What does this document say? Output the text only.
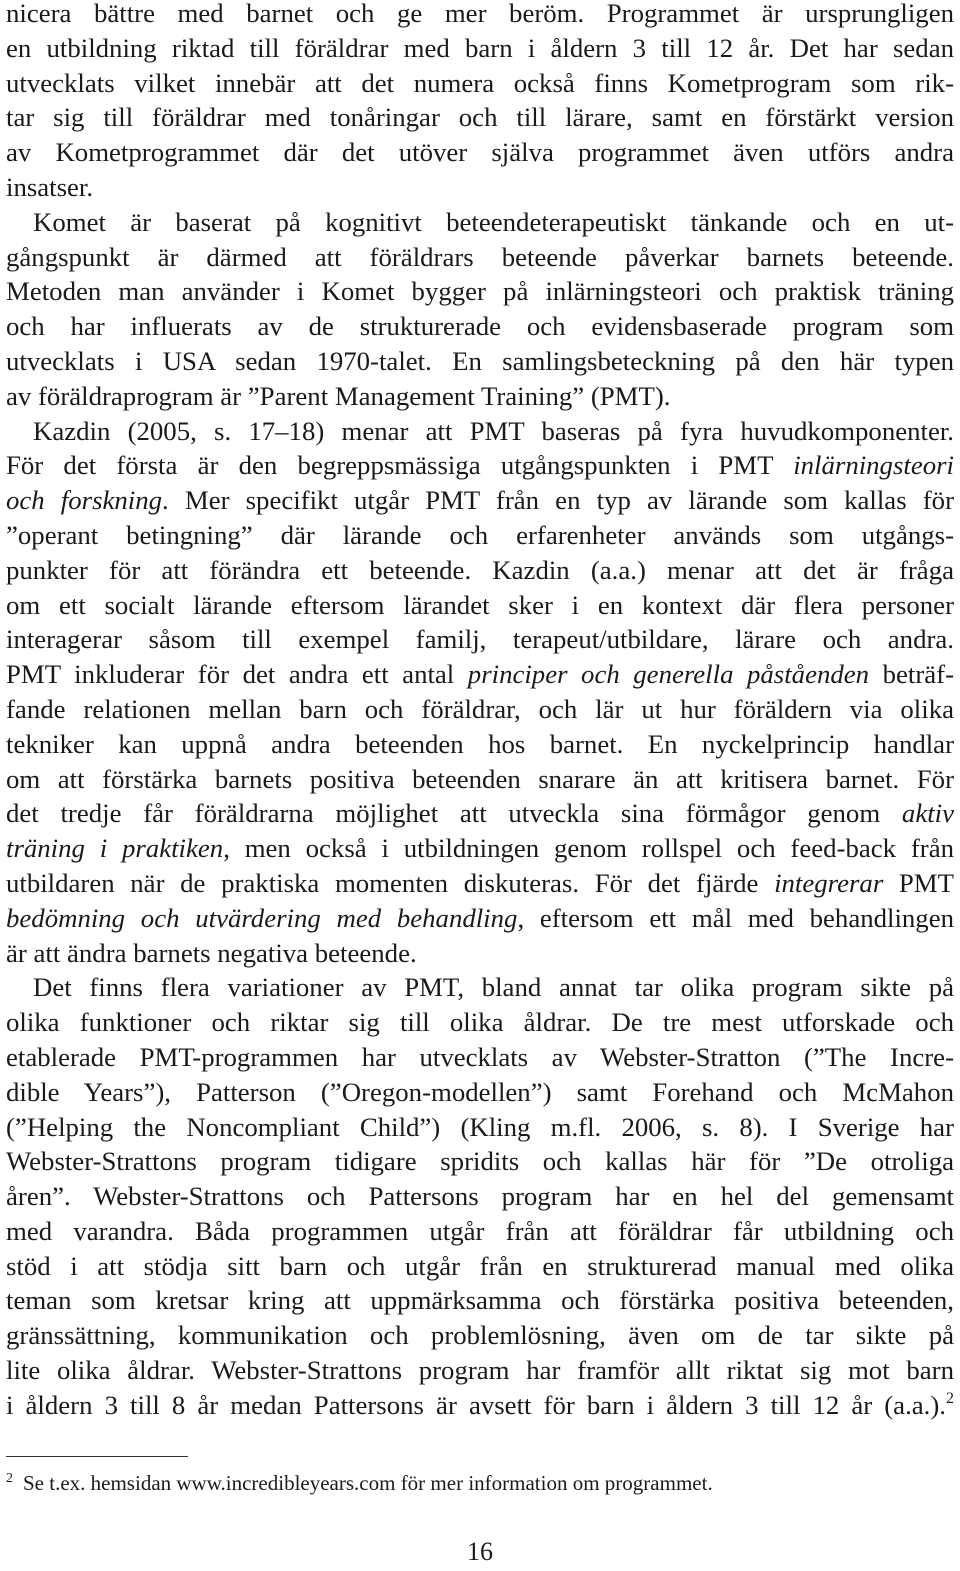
nicera bättre med barnet och ge mer beröm. Programmet är ursprungligen
en utbildning riktad till föräldrar med barn i åldern 3 till 12 år. Det har sedan
utvecklats vilket innebär att det numera också finns Kometprogram som rik-
tar sig till föräldrar med tonåringar och till lärare, samt en förstärkt version
av Kometprogrammet där det utöver själva programmet även utförs andra
insatser.
Komet är baserat på kognitivt beteendeterapeutiskt tänkande och en ut-
gångspunkt är därmed att föräldrars beteende påverkar barnets beteende.
Metoden man använder i Komet bygger på inlärningsteori och praktisk träning
och har influerats av de strukturerade och evidensbaserade program som
utvecklats i USA sedan 1970-talet. En samlingsbeteckning på den här typen
av föräldraprogram är ”Parent Management Training” (PMT).
Kazdin (2005, s. 17–18) menar att PMT baseras på fyra huvudkomponenter.
För det första är den begreppsmässiga utgångspunkten i PMT inlärningsteori
och forskning. Mer specifikt utgår PMT från en typ av lärande som kallas för
”operant betingning” där lärande och erfarenheter används som utgångs-
punkter för att förändra ett beteende. Kazdin (a.a.) menar att det är fråga
om ett socialt lärande eftersom lärandet sker i en kontext där flera personer
interagerar såsom till exempel familj, terapeut/utbildare, lärare och andra.
PMT inkluderar för det andra ett antal principer och generella påståenden beträf-
fande relationen mellan barn och föräldrar, och lär ut hur föräldern via olika
tekniker kan uppnå andra beteenden hos barnet. En nyckelprincip handlar
om att förstärka barnets positiva beteenden snarare än att kritisera barnet. För
det tredje får föräldrarna möjlighet att utveckla sina förmågor genom aktiv
träning i praktiken, men också i utbildningen genom rollspel och feed-back från
utbildaren när de praktiska momenten diskuteras. För det fjärde integrerar PMT
bedömning och utvärdering med behandling, eftersom ett mål med behandlingen
är att ändra barnets negativa beteende.
Det finns flera variationer av PMT, bland annat tar olika program sikte på
olika funktioner och riktar sig till olika åldrar. De tre mest utforskade och
etablerade PMT-programmen har utvecklats av Webster-Stratton (”The Incre-
dible Years”), Patterson (”Oregon-modellen”) samt Forehand och McMahon
(”Helping the Noncompliant Child”) (Kling m.fl. 2006, s. 8). I Sverige har
Webster-Strattons program tidigare spridits och kallas här för ”De otroliga
åren”. Webster-Strattons och Pattersons program har en hel del gemensamt
med varandra. Båda programmen utgår från att föräldrar får utbildning och
stöd i att stödja sitt barn och utgår från en strukturerad manual med olika
teman som kretsar kring att uppmärksamma och förstärka positiva beteenden,
gränssättning, kommunikation och problemlösning, även om de tar sikte på
lite olika åldrar. Webster-Strattons program har framför allt riktat sig mot barn
i åldern 3 till 8 år medan Pattersons är avsett för barn i åldern 3 till 12 år (a.a.).$^2$
$^2$ Se t.ex. hemsidan www.incredibleyears.com för mer information om programmet.
16
